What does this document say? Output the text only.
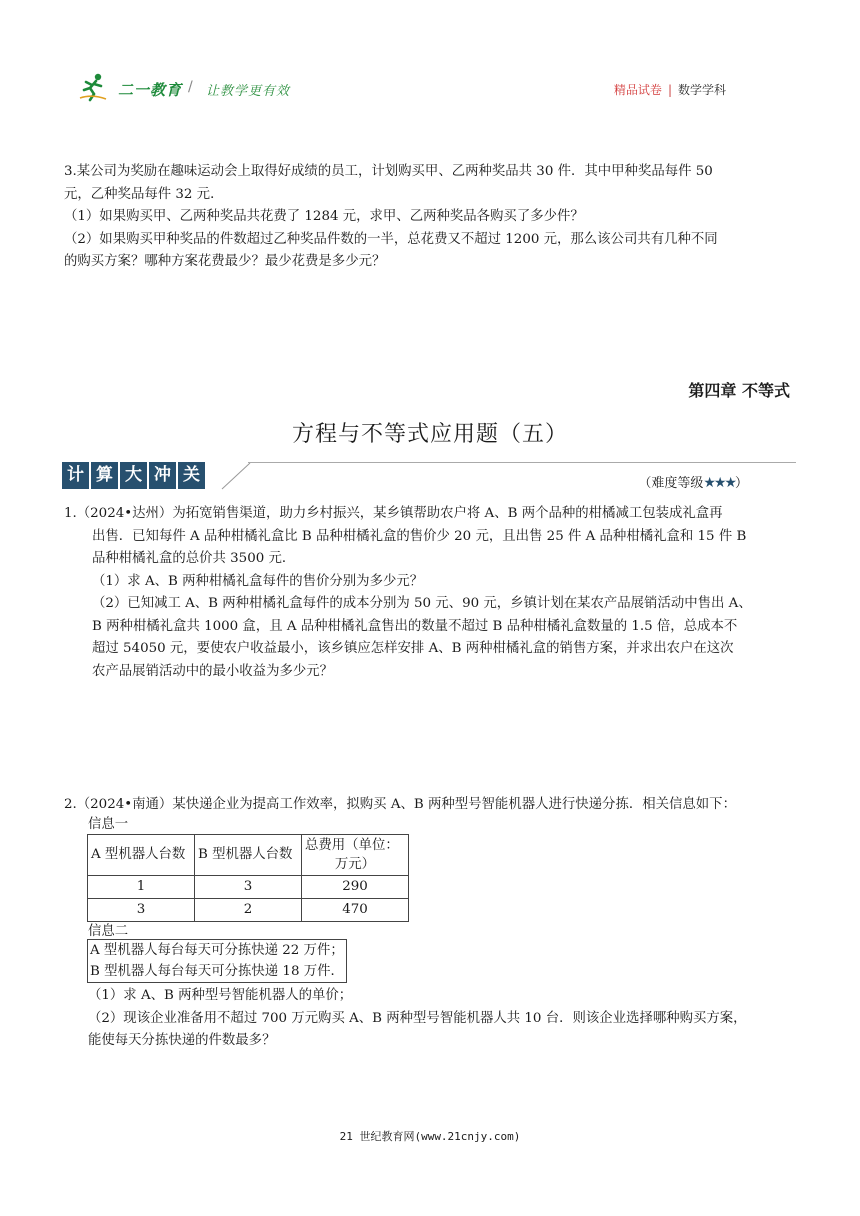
二一教育 / 让教学更有效	精品试卷 | 数学学科

3.某公司为奖励在趣味运动会上取得好成绩的员工，计划购买甲、乙两种奖品共 30 件．其中甲种奖品每件 50

元，乙种奖品每件 32 元．

（1）如果购买甲、乙两种奖品共花费了 1284 元，求甲、乙两种奖品各购买了多少件？

（2）如果购买甲种奖品的件数超过乙种奖品件数的一半，总花费又不超过 1200 元，那么该公司共有几种不同

的购买方案？哪种方案花费最少？最少花费是多少元？

第四章 不等式
方程与不等式应用题（五）
计 算 大 冲 关	（难度等级★★★）

1.（2024•达州）为拓宽销售渠道，助力乡村振兴，某乡镇帮助农户将 A、B 两个品种的柑橘减工包装成礼盒再

出售．已知每件 A 品种柑橘礼盒比 B 品种柑橘礼盒的售价少 20 元，且出售 25 件 A 品种柑橘礼盒和 15 件 B

品种柑橘礼盒的总价共 3500 元．

（1）求 A、B 两种柑橘礼盒每件的售价分别为多少元？

（2）已知减工 A、B 两种柑橘礼盒每件的成本分别为 50 元、90 元，乡镇计划在某农产品展销活动中售出 A、

B 两种柑橘礼盒共 1000 盒，且 A 品种柑橘礼盒售出的数量不超过 B 品种柑橘礼盒数量的 1.5 倍，总成本不

超过 54050 元，要使农户收益最小，该乡镇应怎样安排 A、B 两种柑橘礼盒的销售方案，并求出农户在这次

农产品展销活动中的最小收益为多少元？

2.（2024•南通）某快递企业为提高工作效率，拟购买 A、B 两种型号智能机器人进行快递分拣．相关信息如下：

信息一
A 型机器人台数	B 型机器人台数	总费用（单位：
万元）

1	3	290
3	2	470
信息二
A 型机器人每台每天可分拣快递 22 万件；
B 型机器人每台每天可分拣快递 18 万件．

（1）求 A、B 两种型号智能机器人的单价；

（2）现该企业准备用不超过 700 万元购买 A、B 两种型号智能机器人共 10 台．则该企业选择哪种购买方案，

能使每天分拣快递的件数最多？

21 世纪教育网(www.21cnjy.com)
